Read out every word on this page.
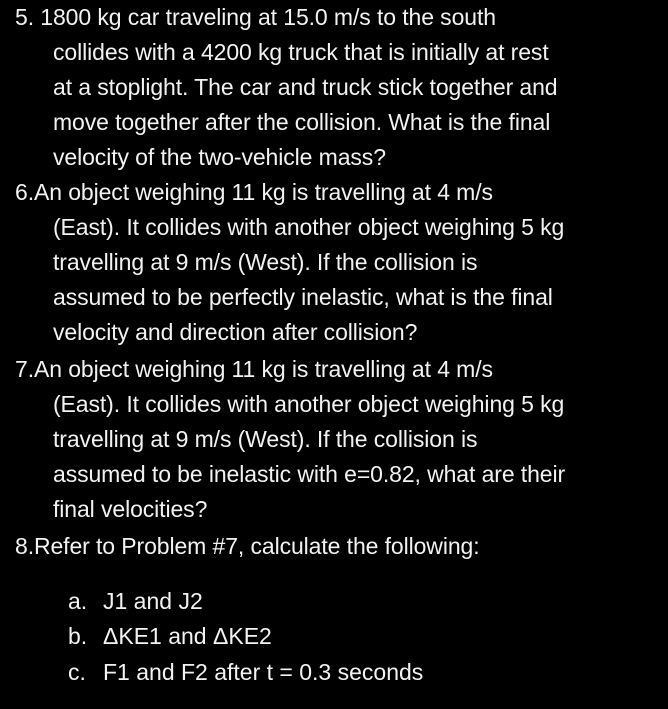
5. 1800 kg car traveling at 15.0 m/s to the south
collides with a 4200 kg truck that is initially at rest
at a stoplight. The car and truck stick together and
move together after the collision. What is the final
velocity of the two-vehicle mass?
6.An object weighing 11 kg is travelling at 4 m/s
(East). It collides with another object weighing 5 kg
travelling at 9 m/s (West). If the collision is
assumed to be perfectly inelastic, what is the final
velocity and direction after collision?
7.An object weighing 11 kg is travelling at 4 m/s
(East). It collides with another object weighing 5 kg
travelling at 9 m/s (West). If the collision is
assumed to be inelastic with e=0.82, what are their
final velocities?
8.Refer to Problem #7, calculate the following:
a. J1 and J2
b. ΔKE1 and ΔKE2
c. F1 and F2 after t = 0.3 seconds
